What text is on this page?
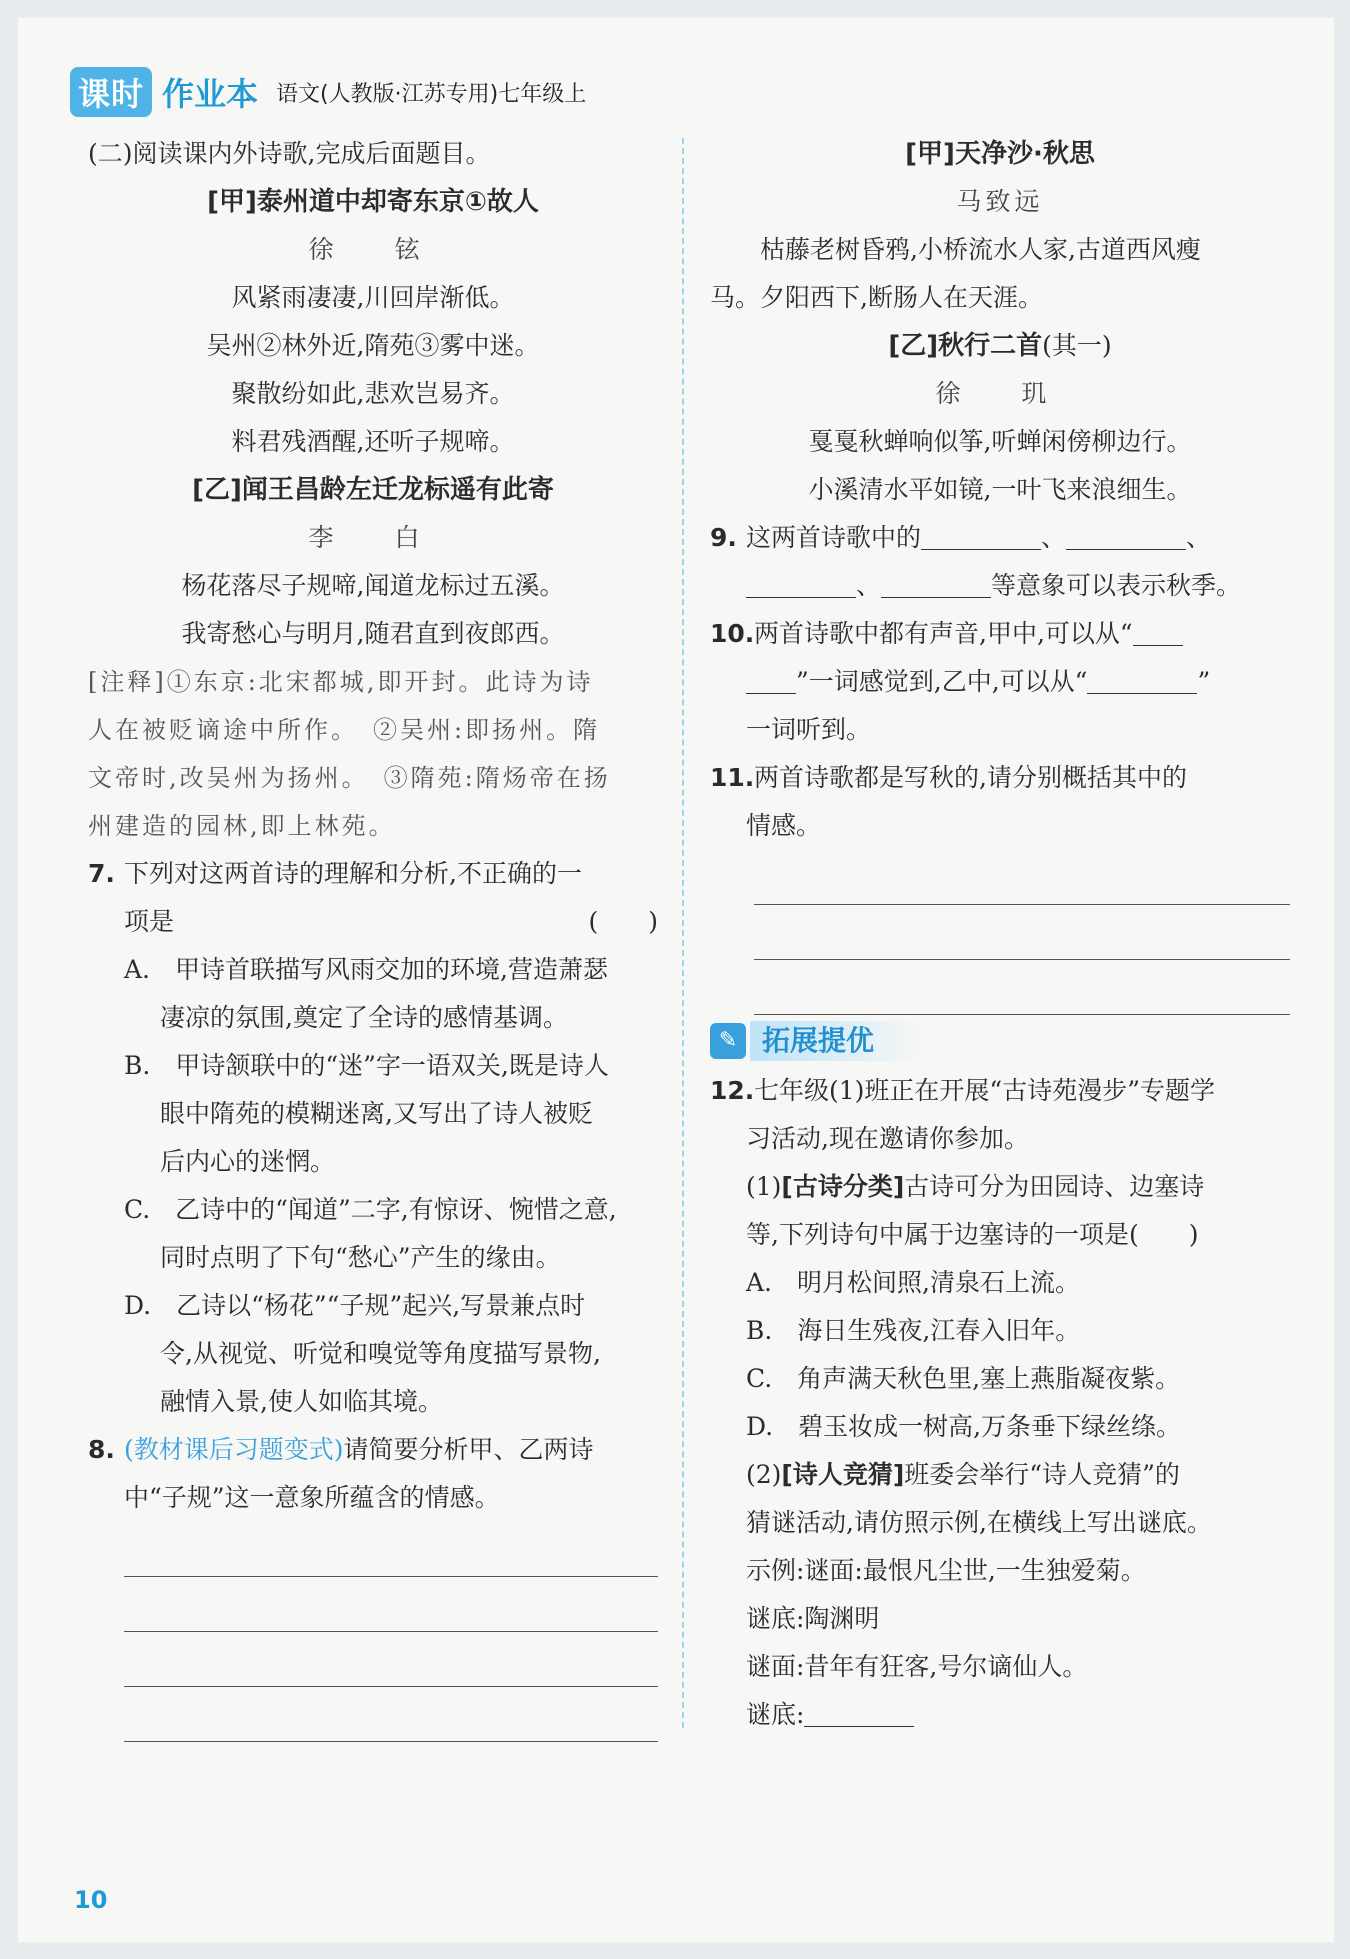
课时 作业本 语文(人教版·江苏专用)七年级上
(二)阅读课内外诗歌,完成后面题目。
[甲]泰州道中却寄东京①故人
徐　铉
风紧雨凄凄,川回岸渐低。
吴州②林外近,隋苑③雾中迷。
聚散纷如此,悲欢岂易齐。
料君残酒醒,还听子规啼。
[乙]闻王昌龄左迁龙标遥有此寄
李　白
杨花落尽子规啼,闻道龙标过五溪。
我寄愁心与明月,随君直到夜郎西。
[注释]①东京:北宋都城,即开封。此诗为诗
人在被贬谪途中所作。　②吴州:即扬州。隋
文帝时,改吴州为扬州。　③隋苑:隋炀帝在扬
州建造的园林,即上林苑。
7. 下列对这两首诗的理解和分析,不正确的一
项是	(　　)
A.　甲诗首联描写风雨交加的环境,营造萧瑟
凄凉的氛围,奠定了全诗的感情基调。
B.　甲诗颔联中的“迷”字一语双关,既是诗人
眼中隋苑的模糊迷离,又写出了诗人被贬
后内心的迷惘。
C.　乙诗中的“闻道”二字,有惊讶、惋惜之意,
同时点明了下句“愁心”产生的缘由。
D.　乙诗以“杨花”“子规”起兴,写景兼点时
令,从视觉、听觉和嗅觉等角度描写景物,
融情入景,使人如临其境。
8. (教材课后习题变式)请简要分析甲、乙两诗
中“子规”这一意象所蕴含的情感。
[甲]天净沙·秋思
马致远
枯藤老树昏鸦,小桥流水人家,古道西风瘦
马。夕阳西下,断肠人在天涯。
[乙]秋行二首(其一)
徐　玑
戛戛秋蝉响似筝,听蝉闲傍柳边行。
小溪清水平如镜,一叶飞来浪细生。
9. 这两首诗歌中的	、	、
、	等意象可以表示秋季。
10.两首诗歌中都有声音,甲中,可以从“
”一词感觉到,乙中,可以从“	”
一词听到。
11.两首诗歌都是写秋的,请分别概括其中的
情感。
✎ 拓展提优
12.七年级(1)班正在开展“古诗苑漫步”专题学
习活动,现在邀请你参加。
(1)[古诗分类]古诗可分为田园诗、边塞诗
等,下列诗句中属于边塞诗的一项是(　　)
A.　明月松间照,清泉石上流。
B.　海日生残夜,江春入旧年。
C.　角声满天秋色里,塞上燕脂凝夜紫。
D.　碧玉妆成一树高,万条垂下绿丝绦。
(2)[诗人竞猜]班委会举行“诗人竞猜”的
猜谜活动,请仿照示例,在横线上写出谜底。
示例:谜面:最恨凡尘世,一生独爱菊。
谜底:陶渊明
谜面:昔年有狂客,号尔谪仙人。
谜底:
10
